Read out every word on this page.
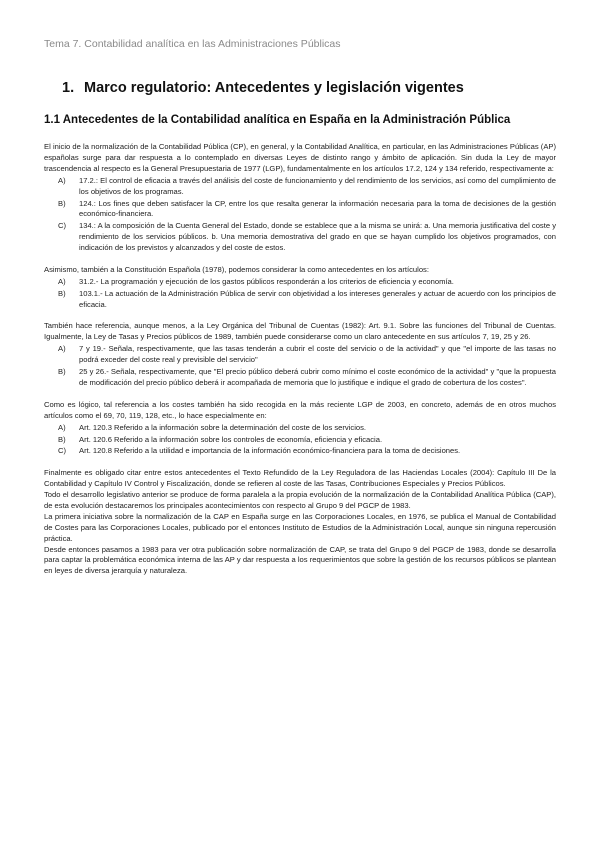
Tema 7. Contabilidad analítica en las Administraciones Públicas
1. Marco regulatorio: Antecedentes y legislación vigentes
1.1 Antecedentes de la Contabilidad analítica en España en la Administración Pública

El inicio de la normalización de la Contabilidad Pública (CP), en general, y la Contabilidad Analítica, en particular, en las Administraciones Públicas (AP) españolas surge para dar respuesta a lo contemplado en diversas Leyes de distinto rango y ámbito de aplicación. Sin duda la Ley de mayor trascendencia al respecto es la General Presupuestaria de 1977 (LGP), fundamentalmente en los artículos 17.2, 124 y 134 referido, respectivamente a:

A) 17.2.: El control de eficacia a través del análisis del coste de funcionamiento y del rendimiento de los servicios, así como del cumplimiento de los objetivos de los programas.
B) 124.: Los fines que deben satisfacer la CP, entre los que resalta generar la información necesaria para la toma de decisiones de la gestión económico-financiera.
C) 134.: A la composición de la Cuenta General del Estado, donde se establece que a la misma se unirá: a. Una memoria justificativa del coste y rendimiento de los servicios públicos. b. Una memoria demostrativa del grado en que se hayan cumplido los objetivos programados, con indicación de los previstos y alcanzados y del coste de estos.

Asimismo, también a la Constitución Española (1978), podemos considerar la como antecedentes en los artículos:

A) 31.2.- La programación y ejecución de los gastos públicos responderán a los criterios de eficiencia y economía.
B) 103.1.- La actuación de la Administración Pública de servir con objetividad a los intereses generales y actuar de acuerdo con los principios de eficacia.

También hace referencia, aunque menos, a la Ley Orgánica del Tribunal de Cuentas (1982): Art. 9.1. Sobre las funciones del Tribunal de Cuentas. Igualmente, la Ley de Tasas y Precios públicos de 1989, también puede considerarse como un claro antecedente en sus artículos 7, 19, 25 y 26.

A) 7 y 19.- Señala, respectivamente, que las tasas tenderán a cubrir el coste del servicio o de la actividad" y que "el importe de las tasas no podrá exceder del coste real y previsible del servicio"
B) 25 y 26.- Señala, respectivamente, que "El precio público deberá cubrir como mínimo el coste económico de la actividad" y "que la propuesta de modificación del precio público deberá ir acompañada de memoria que lo justifique e indique el grado de cobertura de los costes".

Como es lógico, tal referencia a los costes también ha sido recogida en la más reciente LGP de 2003, en concreto, además de en otros muchos artículos como el 69, 70, 119, 128, etc., lo hace especialmente en:

A) Art. 120.3 Referido a la información sobre la determinación del coste de los servicios.
B) Art. 120.6 Referido a la información sobre los controles de economía, eficiencia y eficacia.
C) Art. 120.8 Referido a la utilidad e importancia de la información económico-financiera para la toma de decisiones.

Finalmente es obligado citar entre estos antecedentes el Texto Refundido de la Ley Reguladora de las Haciendas Locales (2004): Capítulo III De la Contabilidad y Capítulo IV Control y Fiscalización, donde se refieren al coste de las Tasas, Contribuciones Especiales y Precios Públicos.

Todo el desarrollo legislativo anterior se produce de forma paralela a la propia evolución de la normalización de la Contabilidad Analítica Pública (CAP), de esta evolución destacaremos los principales acontecimientos con respecto al Grupo 9 del PGCP de 1983.

La primera iniciativa sobre la normalización de la CAP en España surge en las Corporaciones Locales, en 1976, se publica el Manual de Contabilidad de Costes para las Corporaciones Locales, publicado por el entonces Instituto de Estudios de la Administración Local, aunque sin ninguna repercusión práctica.

Desde entonces pasamos a 1983 para ver otra publicación sobre normalización de CAP, se trata del Grupo 9 del PGCP de 1983, donde se desarrolla para captar la problemática económica interna de las AP y dar respuesta a los requerimientos que sobre la gestión de los recursos públicos se plantean en leyes de diversa jerarquía y naturaleza.
